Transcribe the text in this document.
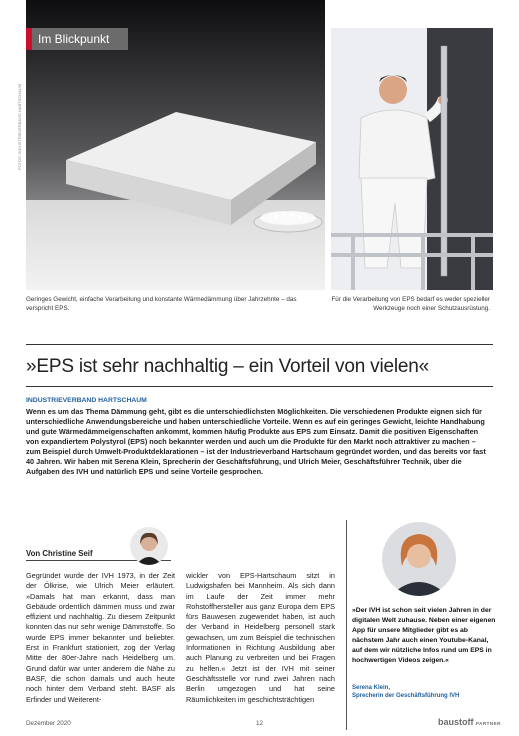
FOTOS: INDUSTRIEVERBAND HARTSCHAUM
Im Blickpunkt
Geringes Gewicht, einfache Verarbeitung und konstante Wärmedämmung über Jahrzehnte – das verspricht EPS.
Für die Verarbeitung von EPS bedarf es weder spezieller Werkzeuge noch einer Schutzausrüstung.
»EPS ist sehr nachhaltig – ein Vorteil von vielen«
INDUSTRIEVERBAND HARTSCHAUM
Wenn es um das Thema Dämmung geht, gibt es die unterschiedlichsten Möglichkeiten. Die verschiedenen Produkte eignen sich für unterschiedliche Anwendungsbereiche und haben unterschiedliche Vorteile. Wenn es auf ein geringes Gewicht, leichte Handhabung und gute Wärmedämmeigenschaften ankommt, kommen häufig Produkte aus EPS zum Einsatz. Damit die positiven Eigenschaften von expandiertem Polystyrol (EPS) noch bekannter werden und auch um die Produkte für den Markt noch attraktiver zu machen – zum Beispiel durch Umwelt-Produktdeklarationen – ist der Industrieverband Hartschaum gegründet worden, und das bereits vor fast 40 Jahren. Wir haben mit Serena Klein, Sprecherin der Geschäftsführung, und Ulrich Meier, Geschäftsführer Technik, über die Aufgaben des IVH und natürlich EPS und seine Vorteile gesprochen.
Von Christine Seif
Gegründet wurde der IVH 1973, in der Zeit der Ölkrise, wie Ulrich Meier erläutert. »Damals hat man erkannt, dass man Gebäude ordentlich dämmen muss und zwar effizient und nachhaltig. Zu diesem Zeitpunkt konnten das nur sehr wenige Dämmstoffe. So wurde EPS immer bekannter und beliebter. Erst in Frankfurt stationiert, zog der Verlag Mitte der 80er-Jahre nach Heidelberg um. Grund dafür war unter anderem die Nähe zu BASF, die schon damals und auch heute noch hinter dem Verband steht. BASF als Erfinder und Weiterent-
wickler von EPS-Hartschaum sitzt in Ludwigshafen bei Mannheim. Als sich dann im Laufe der Zeit immer mehr Rohstoffhersteller aus ganz Europa dem EPS fürs Bauwesen zugewendet haben, ist auch der Verband in Heidelberg personell stark gewachsen, um zum Beispiel die technischen Informationen in Richtung Ausbildung aber auch Planung zu verbreiten und bei Fragen zu helfen.« Jetzt ist der IVH mit seiner Geschäftsstelle vor rund zwei Jahren nach Berlin umgezogen und hat seine Räumlichkeiten im geschichtsträchtigen
»Der IVH ist schon seit vielen Jahren in der digitalen Welt zuhause. Neben einer eigenen App für unsere Mitglieder gibt es ab nächstem Jahr auch einen Youtube-Kanal, auf dem wir nützliche Infos rund um EPS in hochwertigen Videos zeigen.«
Serena Klein,
Sprecherin der Geschäftsführung IVH
Dezember 2020	12	baustoff PARTNER
